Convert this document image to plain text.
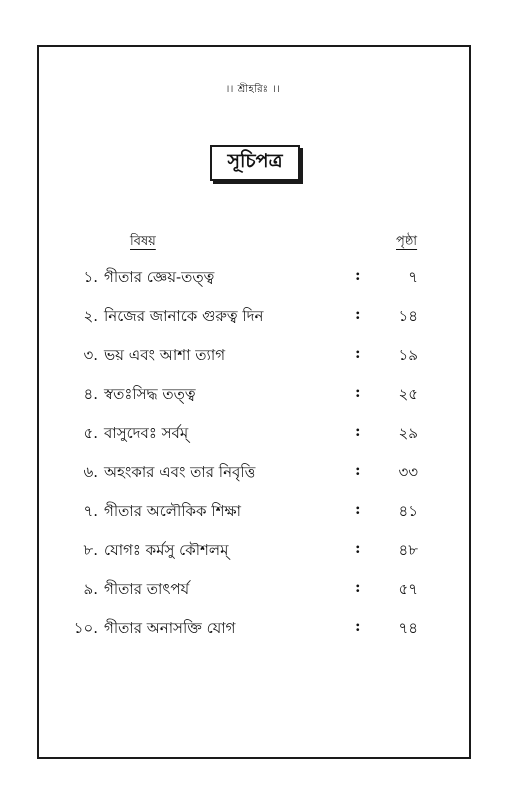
।। শ্রীহরিঃ ।।
সূচিপত্র
বিষয়	পৃষ্ঠা
১. গীতার জ্ঞেয়-তত্ত্ব	:	৭
২. নিজের জানাকে গুরুত্ব দিন	:	১৪
৩. ভয় এবং আশা ত্যাগ	:	১৯
৪. স্বতঃসিদ্ধ তত্ত্ব	:	২৫
৫. বাসুদেবঃ সর্বম্	:	২৯
৬. অহংকার এবং তার নিবৃত্তি	:	৩৩
৭. গীতার অলৌকিক শিক্ষা	:	৪১
৮. যোগঃ কর্মসু কৌশলম্	:	৪৮
৯. গীতার তাৎপর্য	:	৫৭
১০. গীতার অনাসক্তি যোগ	:	৭৪
